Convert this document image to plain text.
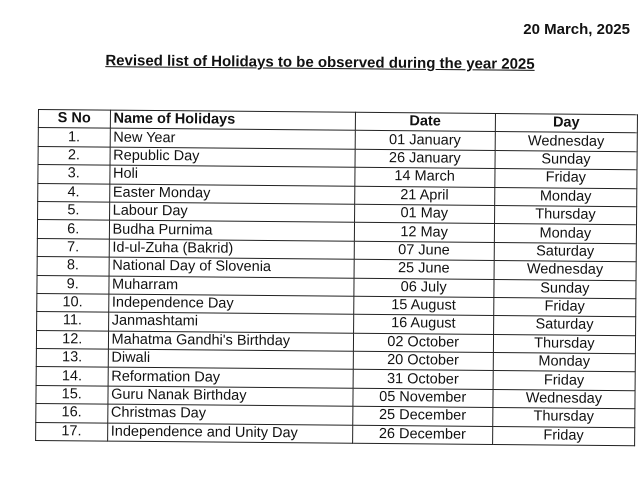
20 March, 2025
Revised list of Holidays to be observed during the year 2025
S No	Name of Holidays	Date	Day
1.	New Year	01 January	Wednesday
2.	Republic Day	26 January	Sunday
3.	Holi	14 March	Friday
4.	Easter Monday	21 April	Monday
5.	Labour Day	01 May	Thursday
6.	Budha Purnima	12 May	Monday
7.	Id-ul-Zuha (Bakrid)	07 June	Saturday
8.	National Day of Slovenia	25 June	Wednesday
9.	Muharram	06 July	Sunday
10.	Independence Day	15 August	Friday
11.	Janmashtami	16 August	Saturday
12.	Mahatma Gandhi's Birthday	02 October	Thursday
13.	Diwali	20 October	Monday
14.	Reformation Day	31 October	Friday
15.	Guru Nanak Birthday	05 November	Wednesday
16.	Christmas Day	25 December	Thursday
17.	Independence and Unity Day	26 December	Friday
